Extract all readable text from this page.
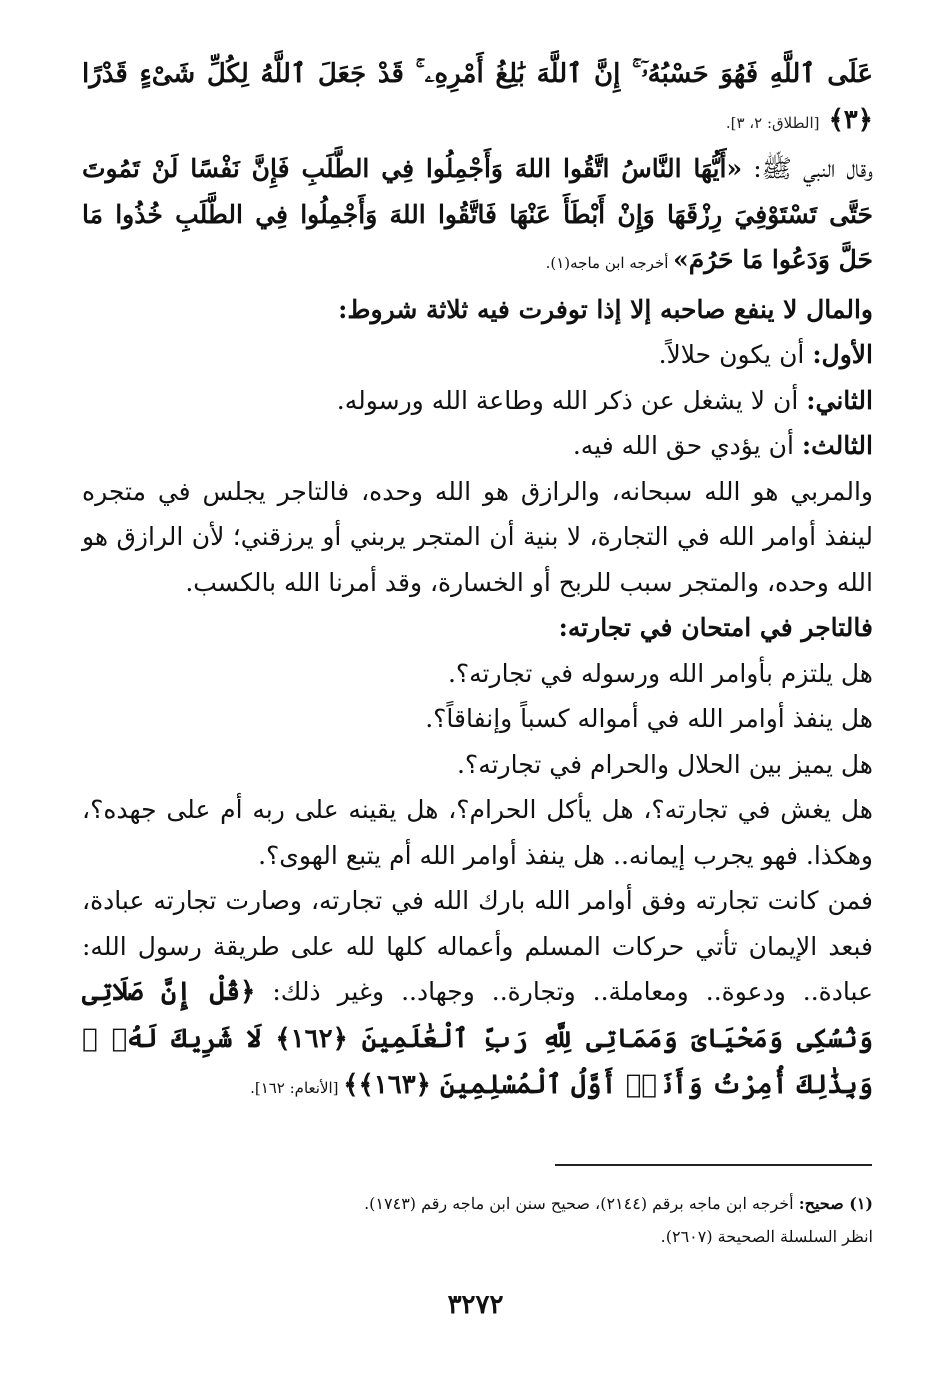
عَلَى ٱللَّهِ فَهُوَ حَسْبُهُۥٓ ۚ إِنَّ ٱللَّهَ بَٰلِغُ أَمْرِهِۦ ۚ قَدْ جَعَلَ ٱللَّهُ لِكُلِّ شَىْءٍ قَدْرًا ﴿٣﴾ [الطلاق: ٢، ٣].

وقال النبي ﷺ: «أَيُّهَا النَّاسُ اتَّقُوا اللهَ وَأَجْمِلُوا فِي الطَّلَبِ فَإِنَّ نَفْسًا لَنْ تَمُوتَ حَتَّى تَسْتَوْفِيَ رِزْقَهَا وَإِنْ أَبْطَأَ عَنْهَا فَاتَّقُوا اللهَ وَأَجْمِلُوا فِي الطَّلَبِ خُذُوا مَا حَلَّ وَدَعُوا مَا حَرُمَ» أخرجه ابن ماجه(١).

والمال لا ينفع صاحبه إلا إذا توفرت فيه ثلاثة شروط:

الأول: أن يكون حلالاً.

الثاني: أن لا يشغل عن ذكر الله وطاعة الله ورسوله.

الثالث: أن يؤدي حق الله فيه.

والمربي هو الله سبحانه، والرازق هو الله وحده، فالتاجر يجلس في متجره لينفذ أوامر الله في التجارة، لا بنية أن المتجر يربني أو يرزقني؛ لأن الرازق هو الله وحده، والمتجر سبب للربح أو الخسارة، وقد أمرنا الله بالكسب.

فالتاجر في امتحان في تجارته:

هل يلتزم بأوامر الله ورسوله في تجارته؟.

هل ينفذ أوامر الله في أمواله كسباً وإنفاقاً؟.

هل يميز بين الحلال والحرام في تجارته؟.

هل يغش في تجارته؟، هل يأكل الحرام؟، هل يقينه على ربه أم على جهده؟، وهكذا. فهو يجرب إيمانه.. هل ينفذ أوامر الله أم يتبع الهوى؟.

فمن كانت تجارته وفق أوامر الله بارك الله في تجارته، وصارت تجارته عبادة، فبعد الإيمان تأتي حركات المسلم وأعماله كلها لله على طريقة رسول الله: عبادة.. ودعوة.. ومعاملة.. وتجارة.. وجهاد.. وغير ذلك: ﴿قُلْ إِنَّ صَلَاتِى وَنُسُكِى وَمَحْيَاىَ وَمَمَاتِى لِلَّهِ رَبِّ ٱلْعَٰلَمِينَ ﴿١٦٢﴾ لَا شَرِيكَ لَهُۥ ۖ وَبِذَٰلِكَ أُمِرْتُ وَأَنَا۠ أَوَّلُ ٱلْمُسْلِمِينَ ﴿١٦٣﴾﴾ [الأنعام: ١٦٢].

(١) صحيح: أخرجه ابن ماجه برقم (٢١٤٤)، صحيح سنن ابن ماجه رقم (١٧٤٣).

انظر السلسلة الصحيحة (٢٦٠٧).

٣٢٧٢
